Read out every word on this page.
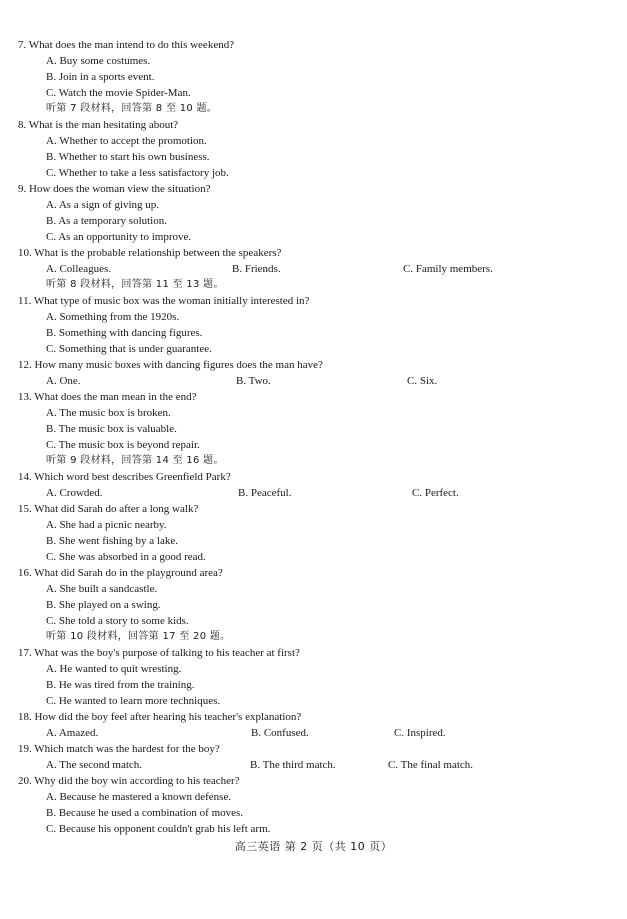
7. What does the man intend to do this weekend?
A. Buy some costumes.
B. Join in a sports event.
C. Watch the movie Spider-Man.
听第 7 段材料，回答第 8 至 10 题。
8. What is the man hesitating about?
A. Whether to accept the promotion.
B. Whether to start his own business.
C. Whether to take a less satisfactory job.
9. How does the woman view the situation?
A. As a sign of giving up.
B. As a temporary solution.
C. As an opportunity to improve.
10. What is the probable relationship between the speakers?
A. Colleagues.	B. Friends.	C. Family members.
听第 8 段材料，回答第 11 至 13 题。
11. What type of music box was the woman initially interested in?
A. Something from the 1920s.
B. Something with dancing figures.
C. Something that is under guarantee.
12. How many music boxes with dancing figures does the man have?
A. One.	B. Two.	C. Six.
13. What does the man mean in the end?
A. The music box is broken.
B. The music box is valuable.
C. The music box is beyond repair.
听第 9 段材料，回答第 14 至 16 题。
14. Which word best describes Greenfield Park?
A. Crowded.	B. Peaceful.	C. Perfect.
15. What did Sarah do after a long walk?
A. She had a picnic nearby.
B. She went fishing by a lake.
C. She was absorbed in a good read.
16. What did Sarah do in the playground area?
A. She built a sandcastle.
B. She played on a swing.
C. She told a story to some kids.
听第 10 段材料，回答第 17 至 20 题。
17. What was the boy's purpose of talking to his teacher at first?
A. He wanted to quit wresting.
B. He was tired from the training.
C. He wanted to learn more techniques.
18. How did the boy feel after hearing his teacher's explanation?
A. Amazed.	B. Confused.	C. Inspired.
19. Which match was the hardest for the boy?
A. The second match.	B. The third match.	C. The final match.
20. Why did the boy win according to his teacher?
A. Because he mastered a known defense.
B. Because he used a combination of moves.
C. Because his opponent couldn't grab his left arm.
高三英语 第 2 页（共 10 页）
